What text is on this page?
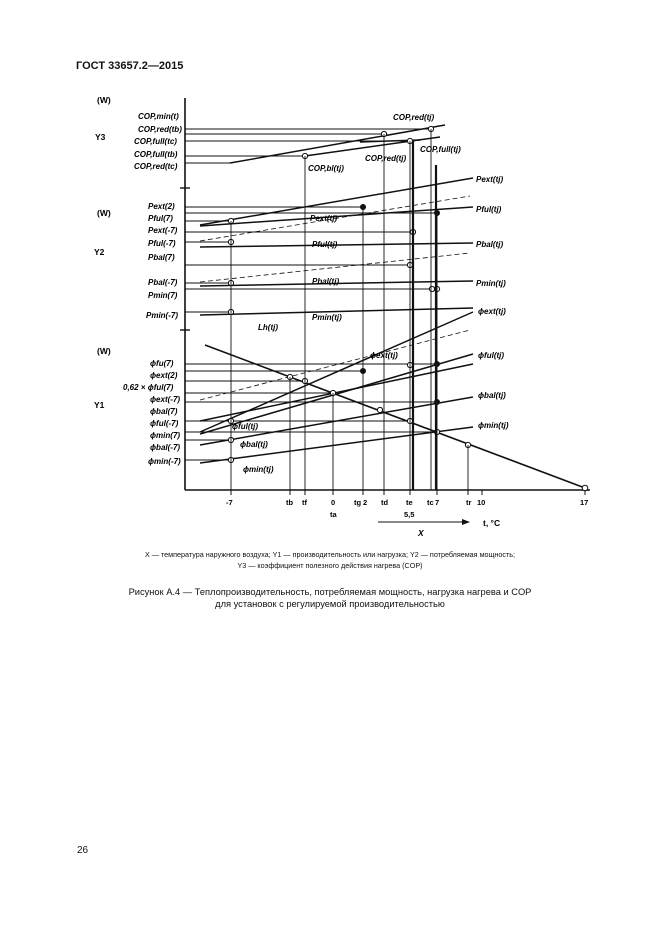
ГОСТ 33657.2—2015
(W)
Y3
(W)
Y2
(W)
Y1
COP,min(t)
COP,red(tb)
COP,full(tc)
COP,full(tb)
COP,red(tc)
COP,red(tj)
COP,full(tj)
COP,bl(tj)
COP,red(tj)
Pext(2)
Pful(7)
Pext(-7)
Pful(-7)
Pbal(7)
Pbal(-7)
Pmin(7)
Pmin(-7)
Pext(tj)
Pful(tj)
Pbal(tj)
Pmin(tj)
Pext(tj)
Pful(tj)
Pbal(tj)
Pmin(tj)
ϕfu(7)
ϕext(2)
0,62 × ϕful(7)
ϕext(-7)
ϕbal(7)
ϕful(-7)
ϕmin(7)
ϕbal(-7)
ϕmin(-7)
Lh(tj)
ϕext(tj)	ϕful(tj)
ϕbal(tj)
ϕmin(tj)
ϕext(tj)
ϕful(tj)
ϕbal(tj)
ϕmin(tj)
-7	tb tf	0	tg 2 td te tc 7	tr 10	17
ta	5,5
X
t, °C
X — температура наружного воздуха; Y1 — производительность или нагрузка; Y2 — потребляемая мощность;
Y3 — коэффициент полезного действия нагрева (COP)
Рисунок А.4 — Теплопроизводительность, потребляемая мощность, нагрузка нагрева и COP
для установок с регулируемой производительностью
26
